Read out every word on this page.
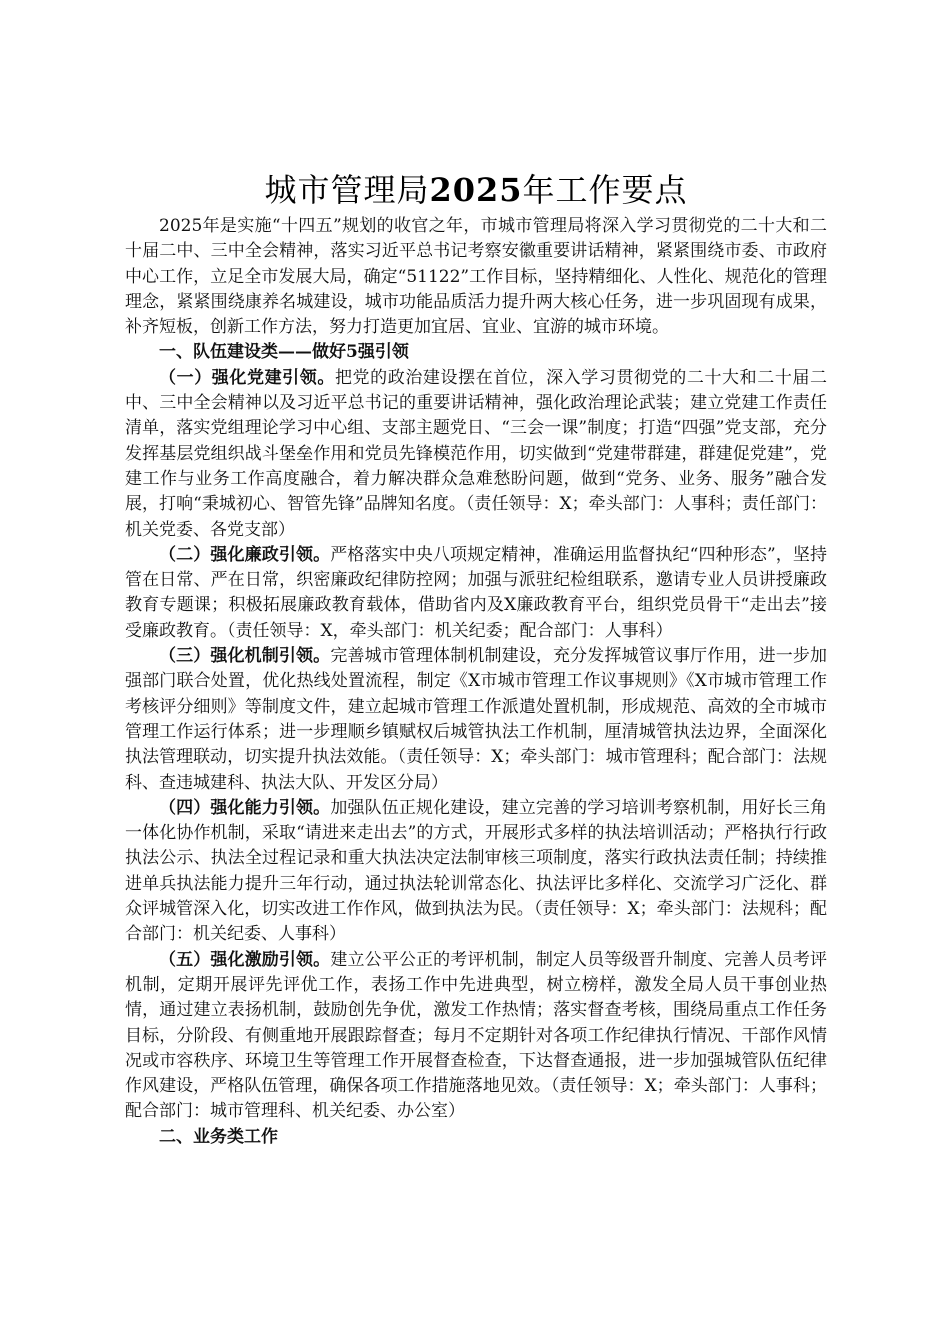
城市管理局2025年工作要点

2025年是实施“十四五”规划的收官之年，市城市管理局将深入学习贯彻党的二十大和二十届二中、三中全会精神，落实习近平总书记考察安徽重要讲话精神，紧紧围绕市委、市政府中心工作，立足全市发展大局，确定“51122”工作目标，坚持精细化、人性化、规范化的管理理念，紧紧围绕康养名城建设，城市功能品质活力提升两大核心任务，进一步巩固现有成果，补齐短板，创新工作方法，努力打造更加宜居、宜业、宜游的城市环境。

一、队伍建设类——做好5强引领

（一）强化党建引领。把党的政治建设摆在首位，深入学习贯彻党的二十大和二十届二中、三中全会精神以及习近平总书记的重要讲话精神，强化政治理论武装；建立党建工作责任清单，落实党组理论学习中心组、支部主题党日、“三会一课”制度；打造“四强”党支部，充分发挥基层党组织战斗堡垒作用和党员先锋模范作用，切实做到“党建带群建，群建促党建”，党建工作与业务工作高度融合，着力解决群众急难愁盼问题，做到“党务、业务、服务”融合发展，打响“秉城初心、智管先锋”品牌知名度。（责任领导：X；牵头部门：人事科；责任部门：机关党委、各党支部）

（二）强化廉政引领。严格落实中央八项规定精神，准确运用监督执纪“四种形态”，坚持管在日常、严在日常，织密廉政纪律防控网；加强与派驻纪检组联系，邀请专业人员讲授廉政教育专题课；积极拓展廉政教育载体，借助省内及X廉政教育平台，组织党员骨干“走出去”接受廉政教育。（责任领导：X，牵头部门：机关纪委；配合部门：人事科）

（三）强化机制引领。完善城市管理体制机制建设，充分发挥城管议事厅作用，进一步加强部门联合处置，优化热线处置流程，制定《X市城市管理工作议事规则》《X市城市管理工作考核评分细则》等制度文件，建立起城市管理工作派遣处置机制，形成规范、高效的全市城市管理工作运行体系；进一步理顺乡镇赋权后城管执法工作机制，厘清城管执法边界，全面深化执法管理联动，切实提升执法效能。（责任领导：X；牵头部门：城市管理科；配合部门：法规科、查违城建科、执法大队、开发区分局）

（四）强化能力引领。加强队伍正规化建设，建立完善的学习培训考察机制，用好长三角一体化协作机制，采取“请进来走出去”的方式，开展形式多样的执法培训活动；严格执行行政执法公示、执法全过程记录和重大执法决定法制审核三项制度，落实行政执法责任制；持续推进单兵执法能力提升三年行动，通过执法轮训常态化、执法评比多样化、交流学习广泛化、群众评城管深入化，切实改进工作作风，做到执法为民。（责任领导：X；牵头部门：法规科；配合部门：机关纪委、人事科）

（五）强化激励引领。建立公平公正的考评机制，制定人员等级晋升制度、完善人员考评机制，定期开展评先评优工作，表扬工作中先进典型，树立榜样，激发全局人员干事创业热情，通过建立表扬机制，鼓励创先争优，激发工作热情；落实督查考核，围绕局重点工作任务目标，分阶段、有侧重地开展跟踪督查；每月不定期针对各项工作纪律执行情况、干部作风情况或市容秩序、环境卫生等管理工作开展督查检查，下达督查通报，进一步加强城管队伍纪律作风建设，严格队伍管理，确保各项工作措施落地见效。（责任领导：X；牵头部门：人事科；配合部门：城市管理科、机关纪委、办公室）

二、业务类工作
